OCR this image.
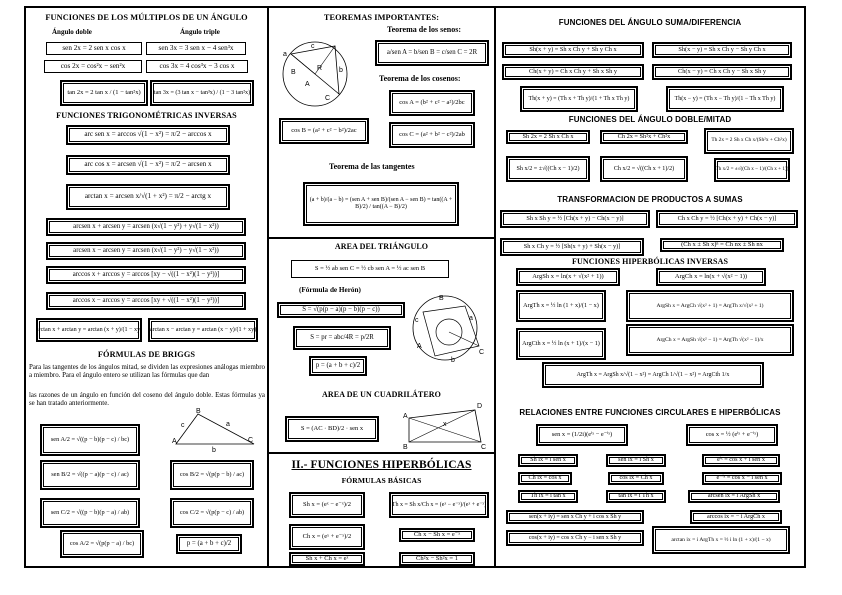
FUNCIONES DE LOS MÚLTIPLOS DE UN ÁNGULO
Ángulo doble	Ángulo triple
sen 2x = 2 sen x cos x	sen 3x = 3 sen x − 4 sen³x
cos 2x = cos²x − sen²x	cos 3x = 4 cos³x − 3 cos x
tan 2x = 2 tan x / (1 − tan²x)	tan 3x = (3 tan x − tan³x) / (1 − 3 tan²x)
FUNCIONES TRIGONOMÉTRICAS INVERSAS
arc sen x = arccos √(1 − x²) = π/2 − arccos x
arc cos x = arcsen √(1 − x²) = π/2 − arcsen x
arctan x = arcsen x/√(1 + x²) = π/2 − arctg x
arcsen x + arcsen y = arcsen (x√(1 − y²) + y√(1 − x²))
arcsen x − arcsen y = arcsen (x√(1 − y²) − y√(1 − x²))
arccos x + arccos y = arccos [xy − √((1 − x²)(1 − y²))]
arccos x − arccos y = arccos [xy + √((1 − x²)(1 − y²))]
arctan x + arctan y = arctan (x + y)/(1 − xy)	arctan x − arctan y = arctan (x − y)/(1 + xy)
FÓRMULAS DE BRIGGS
Para las tangentes de los ángulos mitad, se dividen las expresiones análogas miembro a miembro. Para el ángulo entero se utilizan las fórmulas que dan
las razones de un ángulo en función del coseno del ángulo doble. Estas fórmulas ya se han tratado anteriormente.
sen A/2 = √((p − b)(p − c) / bc)	A
B
C
c	a
b
sen B/2 = √((p − a)(p − c) / ac)	cos B/2 = √(p(p − b) / ac)
sen C/2 = √((p − b)(p − a) / ab)	cos C/2 = √(p(p − c) / ab)
cos A/2 = √(p(p − a) / bc)	p = (a + b + c)/2
TEOREMAS IMPORTANTES:
Teorema de los senos:
a
c
b
A
R
B
C
a/sen A = b/sen B = c/sen C = 2R
Teorema de los cosenos:
cos A = (b² + c² − a²)/2bc
cos B = (a² + c² − b²)/2ac
cos C = (a² + b² − c²)/2ab
Teorema de las tangentes
(a + b)/(a − b) = (sen A + sen B)/(sen A − sen B) = tan((A + B)/2) / tan((A − B)/2)
AREA DEL TRIÁNGULO
S = ½ ab sen C = ½ cb sen A = ½ ac sen B
(Fórmula de Herón)
S = √(p(p − a)(p − b)(p − c))
S = pr = abc/4R = p/2R
p = (a + b + c)/2
B
c	a
A
b
C
AREA DE UN CUADRILÁTERO
S = (AC · BD)/2 · sen x
A
D
B	C
x
II.- FUNCIONES HIPERBÓLICAS
FÓRMULAS BÁSICAS
Sh x = (eˣ − e⁻ˣ)/2	Th x = Sh x/Ch x = (eˣ − e⁻ˣ)/(eˣ + e⁻ˣ)
Ch x = (eˣ + e⁻ˣ)/2	Ch x − Sh x = e⁻ˣ
Sh x + Ch x = eˣ	Ch²x − Sh²x = 1
FUNCIONES DEL ÁNGULO SUMA/DIFERENCIA
Sh(x + y) = Sh x Ch y + Sh y Ch x	Sh(x − y) = Sh x Ch y − Sh y Ch x
Ch(x + y) = Ch x Ch y + Sh x Sh y	Ch(x − y) = Ch x Ch y − Sh x Sh y
Th(x + y) = (Th x + Th y)/(1 + Th x Th y)	Th(x − y) = (Th x − Th y)/(1 − Th x Th y)
FUNCIONES DEL ÁNGULO DOBLE/MITAD
Sh 2x = 2 Sh x Ch x	Ch 2x = Sh²x + Ch²x
Th 2x = 2 Sh x Ch x/(Sh²x + Ch²x)
Sh x/2 = ±√((Ch x − 1)/2)	Ch x/2 = √((Ch x + 1)/2)	Th x/2 = ±√((Ch x − 1)/(Ch x + 1))
TRANSFORMACION DE PRODUCTOS A SUMAS
Sh x Sh y = ½ [Ch(x + y) − Ch(x − y)]	Ch x Ch y = ½ [Ch(x + y) + Ch(x − y)]
Sh x Ch y = ½ [Sh(x + y) + Sh(x − y)]	(Ch x ± Sh x)ⁿ = Ch nx ± Sh nx
FUNCIONES HIPERBÓLICAS INVERSAS
ArgSh x = ln(x + √(x² + 1))	ArgCh x = ln(x + √(x² − 1))
ArgTh x = ½ ln (1 + x)/(1 − x)	ArgSh x = ArgCh √(x² + 1) = ArgTh x/√(x² + 1)
ArgCth x = ½ ln (x + 1)/(x − 1)	ArgCh x = ArgSh √(x² − 1) = ArgTh √(x² − 1)/x
ArgTh x = ArgSh x/√(1 − x²) = ArgCh 1/√(1 − x²) = ArgCth 1/x
RELACIONES ENTRE FUNCIONES CIRCULARES E HIPERBÓLICAS
sen x = (1/2i)(eⁱˣ − e⁻ⁱˣ)	cos x = ½ (eⁱˣ + e⁻ⁱˣ)
Sh ix = i sen x	sen ix = i Sh x	eⁱˣ = cos x + i sen x
Ch ix = cos x	cos ix = Ch x	e⁻ⁱˣ = cos x − i sen x
Th ix = i tan x	tan ix = i Th x	arcsen ix = i ArgSh x
sen(x + iy) = sen x Ch y + i cos x Sh y	arccos ix = − i ArgCh x
cos(x + iy) = cos x Ch y − i sen x Sh y	arctan ix = i ArgTh x = ½ i ln (1 + x)/(1 − x)
